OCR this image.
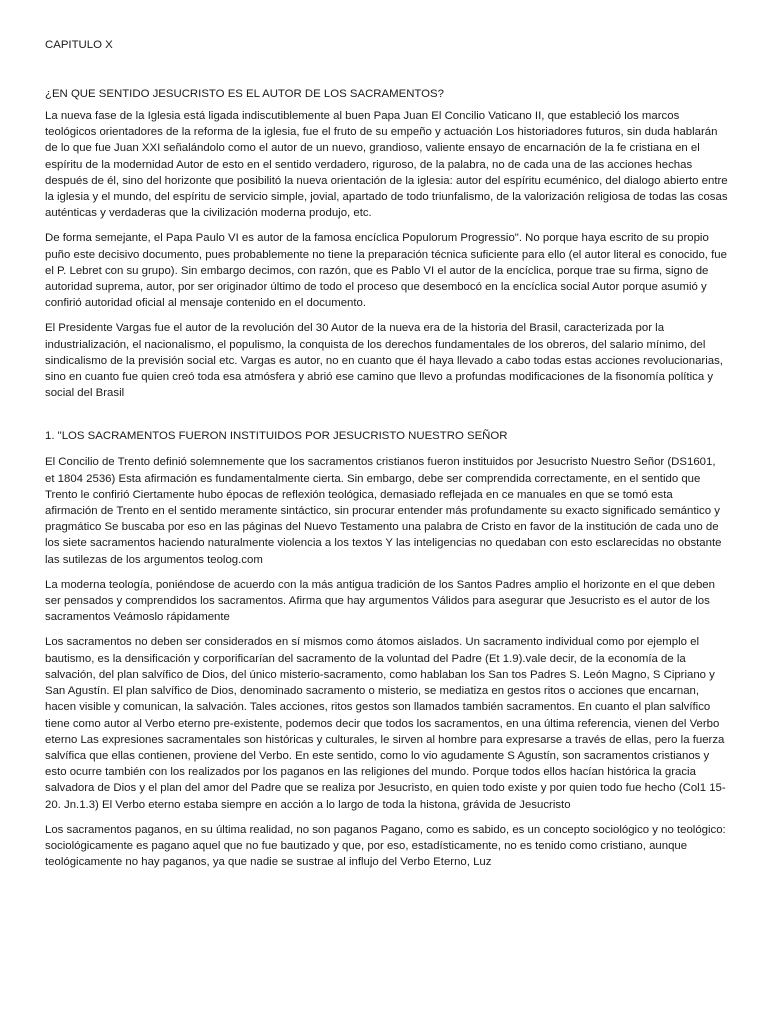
CAPITULO X
¿EN QUE SENTIDO JESUCRISTO ES EL AUTOR DE LOS SACRAMENTOS?

La nueva fase de la Iglesia está ligada indiscutiblemente al buen Papa Juan El Concilio Vaticano II, que estableció los marcos teológicos orientadores de la reforma de la iglesia, fue el fruto de su empeño y actuación Los historiadores futuros, sin duda hablarán de lo que fue Juan XXI señalándolo como el autor de un nuevo, grandioso, valiente ensayo de encarnación de la fe cristiana en el espíritu de la modernidad Autor de esto en el sentido verdadero, riguroso, de la palabra, no de cada una de las acciones hechas después de él, sino del horizonte que posibilitó la nueva orientación de la iglesia: autor del espíritu ecuménico, del dialogo abierto entre la iglesia y el mundo, del espíritu de servicio simple, jovial, apartado de todo triunfalismo, de la valorización religiosa de todas las cosas auténticas y verdaderas que la civilización moderna produjo, etc.

De forma semejante, el Papa Paulo VI es autor de la famosa encíclica Populorum Progressio". No porque haya escrito de su propio puño este decisivo documento, pues probablemente no tiene la preparación técnica suficiente para ello (el autor literal es conocido, fue el P. Lebret con su grupo). Sin embargo decimos, con razón, que es Pablo VI el autor de la encíclica, porque trae su firma, signo de autoridad suprema, autor, por ser originador último de todo el proceso que desembocó en la encíclica social Autor porque asumió y confirió autoridad oficial al mensaje contenido en el documento.

El Presidente Vargas fue el autor de la revolución del 30 Autor de la nueva era de la historia del Brasil, caracterizada por la industrialización, el nacionalismo, el populismo, la conquista de los derechos fundamentales de los obreros, del salario mínimo, del sindicalismo de la previsión social etc. Vargas es autor, no en cuanto que él haya llevado a cabo todas estas acciones revolucionarias, sino en cuanto fue quien creó toda esa atmósfera y abrió ese camino que llevo a profundas modificaciones de la fisonomía política y social del Brasil

1. "LOS SACRAMENTOS FUERON INSTITUIDOS POR JESUCRISTO NUESTRO SEÑOR

El Concilio de Trento definió solemnemente que los sacramentos cristianos fueron instituidos por Jesucristo Nuestro Señor (DS1601, et 1804 2536) Esta afirmación es fundamentalmente cierta. Sin embargo, debe ser comprendida correctamente, en el sentido que Trento le confirió Ciertamente hubo épocas de reflexión teológica, demasiado reflejada en ce manuales en que se tomó esta afirmación de Trento en el sentido meramente sintáctico, sin procurar entender más profundamente su exacto significado semántico y pragmático Se buscaba por eso en las páginas del Nuevo Testamento una palabra de Cristo en favor de la institución de cada uno de los siete sacramentos haciendo naturalmente violencia a los textos Y las inteligencias no quedaban con esto esclarecidas no obstante las sutilezas de los argumentos teolog.com

La moderna teología, poniéndose de acuerdo con la más antigua tradición de los Santos Padres amplio el horizonte en el que deben ser pensados y comprendidos los sacramentos. Afirma que hay argumentos Válidos para asegurar que Jesucristo es el autor de los sacramentos Veámoslo rápidamente

Los sacramentos no deben ser considerados en sí mismos como átomos aislados. Un sacramento individual como por ejemplo el bautismo, es la densificación y corporificarían del sacramento de la voluntad del Padre (Et 1.9).vale decir, de la economía de la salvación, del plan salvífico de Dios, del único misterio-sacramento, como hablaban los San tos Padres S. León Magno, S Cipriano y San Agustín. El plan salvífico de Dios, denominado sacramento o misterio, se mediatiza en gestos ritos o acciones que encarnan, hacen visible y comunican, la salvación. Tales acciones, ritos gestos son llamados también sacramentos. En cuanto el plan salvífico tiene como autor al Verbo eterno pre-existente, podemos decir que todos los sacramentos, en una última referencia, vienen del Verbo eterno Las expresiones sacramentales son históricas y culturales, le sirven al hombre para expresarse a través de ellas, pero la fuerza salvífica que ellas contienen, proviene del Verbo. En este sentido, como lo vio agudamente S Agustín, son sacramentos cristianos y esto ocurre también con los realizados por los paganos en las religiones del mundo. Porque todos ellos hacían histórica la gracia salvadora de Dios y el plan del amor del Padre que se realiza por Jesucristo, en quien todo existe y por quien todo fue hecho (Col1 15-20. Jn.1.3) El Verbo eterno estaba siempre en acción a lo largo de toda la histona, grávida de Jesucristo

Los sacramentos paganos, en su última realidad, no son paganos Pagano, como es sabido, es un concepto sociológico y no teológico: sociológicamente es pagano aquel que no fue bautizado y que, por eso, estadísticamente, no es tenido como cristiano, aunque teológicamente no hay paganos, ya que nadie se sustrae al influjo del Verbo Eterno, Luz
